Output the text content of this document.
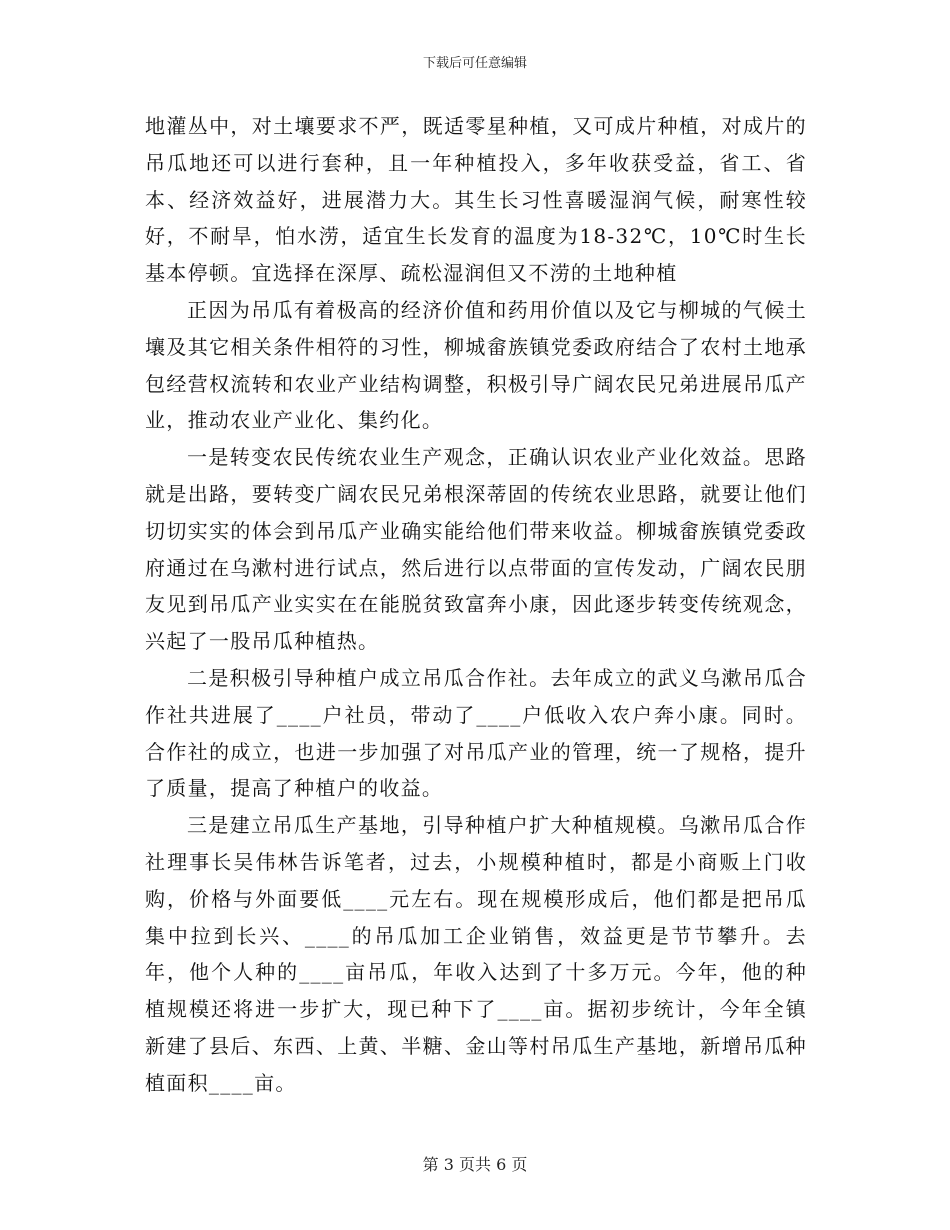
下载后可任意编辑

地灌丛中，对土壤要求不严，既适零星种植，又可成片种植，对成片的吊瓜地还可以进行套种，且一年种植投入，多年收获受益，省工、省本、经济效益好，进展潜力大。其生长习性喜暖湿润气候，耐寒性较好，不耐旱，怕水涝，适宜生长发育的温度为18-32℃，10℃时生长基本停顿。宜选择在深厚、疏松湿润但又不涝的土地种植

正因为吊瓜有着极高的经济价值和药用价值以及它与柳城的气候土壤及其它相关条件相符的习性，柳城畲族镇党委政府结合了农村土地承包经营权流转和农业产业结构调整，积极引导广阔农民兄弟进展吊瓜产业，推动农业产业化、集约化。

一是转变农民传统农业生产观念，正确认识农业产业化效益。思路就是出路，要转变广阔农民兄弟根深蒂固的传统农业思路，就要让他们切切实实的体会到吊瓜产业确实能给他们带来收益。柳城畲族镇党委政府通过在乌漱村进行试点，然后进行以点带面的宣传发动，广阔农民朋友见到吊瓜产业实实在在能脱贫致富奔小康，因此逐步转变传统观念，兴起了一股吊瓜种植热。

二是积极引导种植户成立吊瓜合作社。去年成立的武义乌漱吊瓜合作社共进展了____户社员，带动了____户低收入农户奔小康。同时。合作社的成立，也进一步加强了对吊瓜产业的管理，统一了规格，提升了质量，提高了种植户的收益。

三是建立吊瓜生产基地，引导种植户扩大种植规模。乌漱吊瓜合作社理事长吴伟林告诉笔者，过去，小规模种植时，都是小商贩上门收购，价格与外面要低____元左右。现在规模形成后，他们都是把吊瓜集中拉到长兴、____的吊瓜加工企业销售，效益更是节节攀升。去年，他个人种的____亩吊瓜，年收入达到了十多万元。今年，他的种植规模还将进一步扩大，现已种下了____亩。据初步统计，今年全镇新建了县后、东西、上黄、半糖、金山等村吊瓜生产基地，新增吊瓜种植面积____亩。

第 3 页共 6 页
